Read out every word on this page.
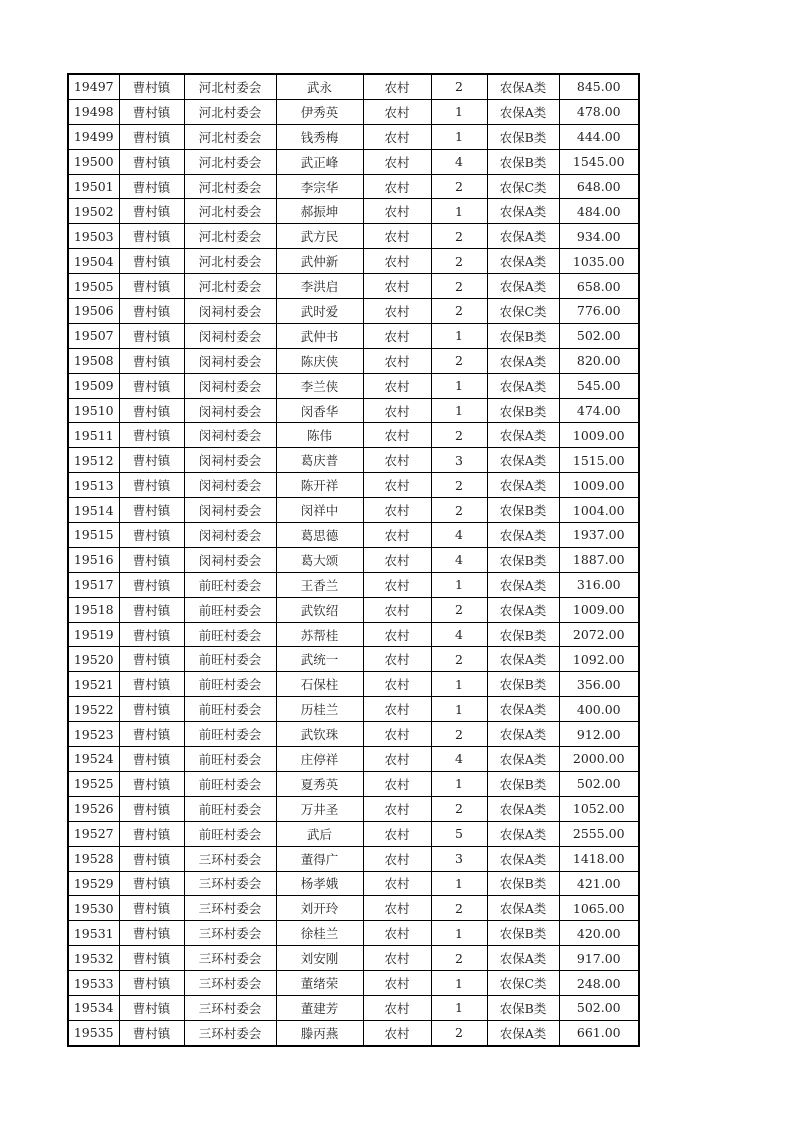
19497	曹村镇	河北村委会	武永	农村	2	农保A类	845.00
19498	曹村镇	河北村委会	伊秀英	农村	1	农保A类	478.00
19499	曹村镇	河北村委会	钱秀梅	农村	1	农保B类	444.00
19500	曹村镇	河北村委会	武正峰	农村	4	农保B类	1545.00
19501	曹村镇	河北村委会	李宗华	农村	2	农保C类	648.00
19502	曹村镇	河北村委会	郝振坤	农村	1	农保A类	484.00
19503	曹村镇	河北村委会	武方民	农村	2	农保A类	934.00
19504	曹村镇	河北村委会	武仲新	农村	2	农保A类	1035.00
19505	曹村镇	河北村委会	李洪启	农村	2	农保A类	658.00
19506	曹村镇	闵祠村委会	武时爱	农村	2	农保C类	776.00
19507	曹村镇	闵祠村委会	武仲书	农村	1	农保B类	502.00
19508	曹村镇	闵祠村委会	陈庆侠	农村	2	农保A类	820.00
19509	曹村镇	闵祠村委会	李兰侠	农村	1	农保A类	545.00
19510	曹村镇	闵祠村委会	闵香华	农村	1	农保B类	474.00
19511	曹村镇	闵祠村委会	陈伟	农村	2	农保A类	1009.00
19512	曹村镇	闵祠村委会	葛庆普	农村	3	农保A类	1515.00
19513	曹村镇	闵祠村委会	陈开祥	农村	2	农保A类	1009.00
19514	曹村镇	闵祠村委会	闵祥中	农村	2	农保B类	1004.00
19515	曹村镇	闵祠村委会	葛思德	农村	4	农保A类	1937.00
19516	曹村镇	闵祠村委会	葛大颂	农村	4	农保B类	1887.00
19517	曹村镇	前旺村委会	王香兰	农村	1	农保A类	316.00
19518	曹村镇	前旺村委会	武钦绍	农村	2	农保A类	1009.00
19519	曹村镇	前旺村委会	苏帮桂	农村	4	农保B类	2072.00
19520	曹村镇	前旺村委会	武统一	农村	2	农保A类	1092.00
19521	曹村镇	前旺村委会	石保柱	农村	1	农保B类	356.00
19522	曹村镇	前旺村委会	历桂兰	农村	1	农保A类	400.00
19523	曹村镇	前旺村委会	武钦珠	农村	2	农保A类	912.00
19524	曹村镇	前旺村委会	庄停祥	农村	4	农保A类	2000.00
19525	曹村镇	前旺村委会	夏秀英	农村	1	农保B类	502.00
19526	曹村镇	前旺村委会	万井圣	农村	2	农保A类	1052.00
19527	曹村镇	前旺村委会	武后	农村	5	农保A类	2555.00
19528	曹村镇	三环村委会	董得广	农村	3	农保A类	1418.00
19529	曹村镇	三环村委会	杨孝娥	农村	1	农保B类	421.00
19530	曹村镇	三环村委会	刘开玲	农村	2	农保A类	1065.00
19531	曹村镇	三环村委会	徐桂兰	农村	1	农保B类	420.00
19532	曹村镇	三环村委会	刘安刚	农村	2	农保A类	917.00
19533	曹村镇	三环村委会	董绪荣	农村	1	农保C类	248.00
19534	曹村镇	三环村委会	董建芳	农村	1	农保B类	502.00
19535	曹村镇	三环村委会	滕丙燕	农村	2	农保A类	661.00
